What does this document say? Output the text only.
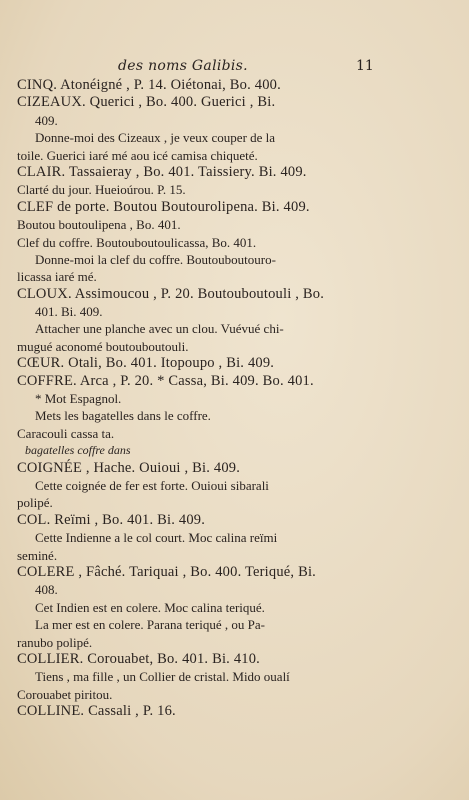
des noms Galibis.	11
CINQ. Atonéigné , P. 14. Oiétonai, Bo. 400.
CIZEAUX. Querici , Bo. 400. Guerici , Bi.
409.
Donne-moi des Cizeaux , je veux couper de la
toile. Guerici iaré mé aou icé camisa chiqueté.
CLAIR. Tassaieray , Bo. 401. Taissiery. Bi. 409.
Clarté du jour. Hueioúrou. P. 15.
CLEF de porte. Boutou Boutourolipena. Bi. 409.
Boutou boutoulipena , Bo. 401.
Clef du coffre. Boutouboutoulicassa, Bo. 401.
Donne-moi la clef du coffre. Boutouboutouro-
licassa iaré mé.
CLOUX. Assimoucou , P. 20. Boutouboutouli , Bo.
401. Bi. 409.
Attacher une planche avec un clou. Vuévué chi-
mugué aconomé boutouboutouli.
CŒUR. Otali, Bo. 401. Itopoupo , Bi. 409.
COFFRE. Arca , P. 20. * Cassa, Bi. 409. Bo. 401.
* Mot Espagnol.
Mets les bagatelles dans le coffre.
Caracouli cassa ta.
bagatelles coffre dans
COIGNÉE , Hache. Ouioui , Bi. 409.
Cette coignée de fer est forte. Ouioui sibarali
polipé.
COL. Reïmi , Bo. 401. Bi. 409.
Cette Indienne a le col court. Moc calina reïmi
seminé.
COLERE , Fâché. Tariquai , Bo. 400. Teriqué, Bi.
408.
Cet Indien est en colere. Moc calina teriqué.
La mer est en colere. Parana teriqué , ou Pa-
ranubo polipé.
COLLIER. Corouabet, Bo. 401. Bi. 410.
Tiens , ma fille , un Collier de cristal. Mido oualí
Corouabet piritou.
COLLINE. Cassali , P. 16.
